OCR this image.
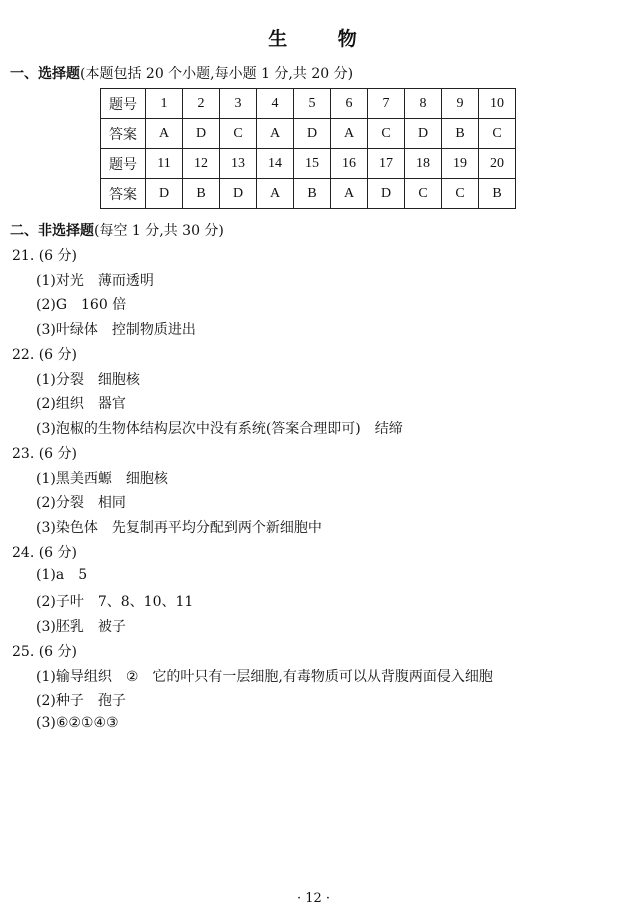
生 物
一、选择题(本题包括 20 个小题,每小题 1 分,共 20 分)
题号	1	2	3	4	5	6	7	8	9	10
答案	A	D	C	A	D	A	C	D	B	C
题号	11	12	13	14	15	16	17	18	19	20
答案	D	B	D	A	B	A	D	C	C	B
二、非选择题(每空 1 分,共 30 分)
21. (6 分)
(1)对光 薄而透明
(2)G 160 倍
(3)叶绿体 控制物质进出
22. (6 分)
(1)分裂 细胞核
(2)组织 器官
(3)泡椒的生物体结构层次中没有系统(答案合理即可) 结缔
23. (6 分)
(1)黑美西螈 细胞核
(2)分裂 相同
(3)染色体 先复制再平均分配到两个新细胞中
24. (6 分)
(1)a 5
(2)子叶 7、8、10、11
(3)胚乳 被子
25. (6 分)
(1)输导组织 ② 它的叶只有一层细胞,有毒物质可以从背腹两面侵入细胞
(2)种子 孢子
(3)⑥②①④③
· 12 ·
